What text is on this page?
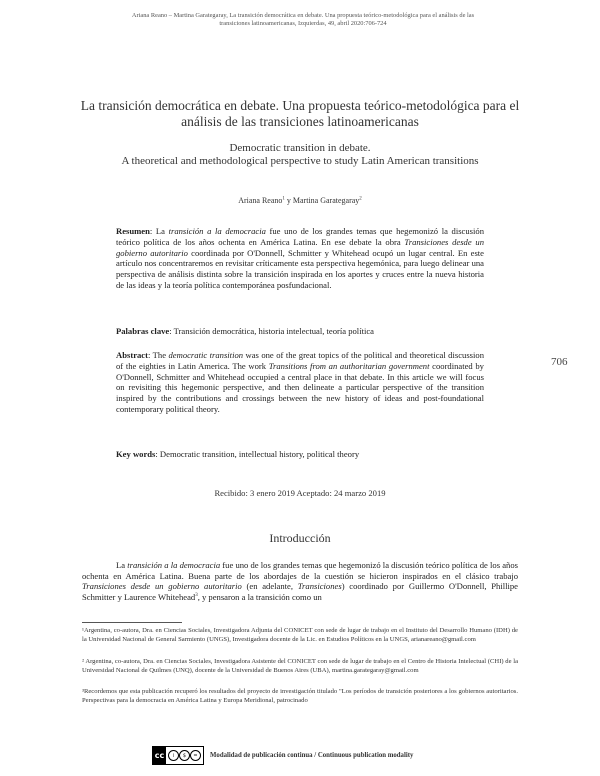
Ariana Reano – Martina Garategaray, La transición democrática en debate. Una propuesta teórico-metodológica para el análisis de las
transiciones latinoamericanas, Izquierdas, 49, abril 2020:706-724
La transición democrática en debate. Una propuesta teórico-metodológica para el análisis de las transiciones latinoamericanas
Democratic transition in debate.
A theoretical and methodological perspective to study Latin American transitions
Ariana Reano$^1$ y Martina Garategaray$^2$
Resumen: La transición a la democracia fue uno de los grandes temas que hegemonizó la discusión teórico política de los años ochenta en América Latina. En ese debate la obra Transiciones desde un gobierno autoritario coordinada por O'Donnell, Schmitter y Whitehead ocupó un lugar central. En este artículo nos concentraremos en revisitar críticamente esta perspectiva hegemónica, para luego delinear una perspectiva de análisis distinta sobre la transición inspirada en los aportes y cruces entre la nueva historia de las ideas y la teoría política contemporánea posfundacional.
Palabras clave: Transición democrática, historia intelectual, teoría política
Abstract: The democratic transition was one of the great topics of the political and theoretical discussion of the eighties in Latin America. The work Transitions from an authoritarian government coordinated by O'Donnell, Schmitter and Whitehead occupied a central place in that debate. In this article we will focus on revisiting this hegemonic perspective, and then delineate a particular perspective of the transition inspired by the contributions and crossings between the new history of ideas and post-foundational contemporary political theory.
Key words: Democratic transition, intellectual history, political theory
706
Recibido: 3 enero 2019 Aceptado: 24 marzo 2019
Introducción
La transición a la democracia fue uno de los grandes temas que hegemonizó la discusión teórico política de los años ochenta en América Latina. Buena parte de los abordajes de la cuestión se hicieron inspirados en el clásico trabajo Transiciones desde un gobierno autoritario (en adelante, Transiciones) coordinado por Guillermo O'Donnell, Phillipe Schmitter y Laurence Whitehead$^3$, y pensaron a la transición como un
¹Argentina, co-autora, Dra. en Ciencias Sociales, Investigadora Adjunta del CONICET con sede de lugar de trabajo en el Instituto del Desarrollo Humano (IDH) de la Universidad Nacional de General Sarmiento (UNGS), Investigadora docente de la Lic. en Estudios Políticos en la UNGS, arianareano@gmail.com
² Argentina, co-autora, Dra. en Ciencias Sociales, Investigadora Asistente del CONICET con sede de lugar de trabajo en el Centro de Historia Intelectual (CHI) de la Universidad Nacional de Quilmes (UNQ), docente de la Universidad de Buenos Aires (UBA), martina.garategaray@gmail.com
³Recordemos que esta publicación recuperó los resultados del proyecto de investigación titulado "Los períodos de transición posteriores a los gobiernos autoritarios. Perspectivas para la democracia en América Latina y Europa Meridional, patrocinado
cc	i	$	=	Modalidad de publicación continua / Continuous publication modality
